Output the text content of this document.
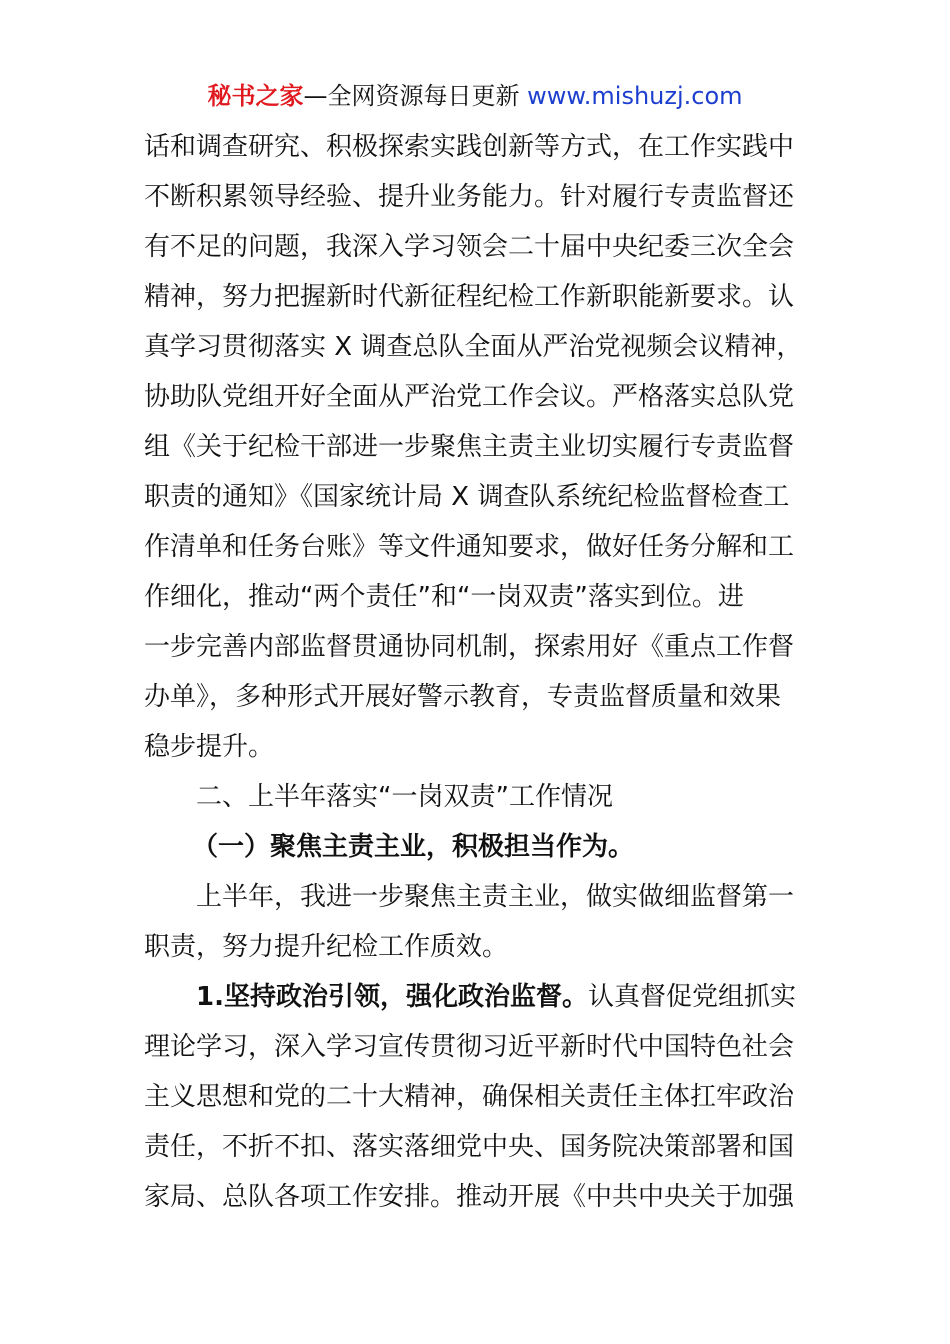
秘书之家—全网资源每日更新 www.mishuzj.com
话和调查研究、积极探索实践创新等方式，在工作实践中
不断积累领导经验、提升业务能力。针对履行专责监督还
有不足的问题，我深入学习领会二十届中央纪委三次全会
精神，努力把握新时代新征程纪检工作新职能新要求。认
真学习贯彻落实 X 调查总队全面从严治党视频会议精神，
协助队党组开好全面从严治党工作会议。严格落实总队党
组《关于纪检干部进一步聚焦主责主业切实履行专责监督
职责的通知》《国家统计局 X 调查队系统纪检监督检查工
作清单和任务台账》等文件通知要求，做好任务分解和工
作细化，推动“两个责任”和“一岗双责”落实到位。进
一步完善内部监督贯通协同机制，探索用好《重点工作督
办单》，多种形式开展好警示教育，专责监督质量和效果
稳步提升。
二、上半年落实“一岗双责”工作情况
（一）聚焦主责主业，积极担当作为。
上半年，我进一步聚焦主责主业，做实做细监督第一
职责，努力提升纪检工作质效。
1.坚持政治引领，强化政治监督。认真督促党组抓实
理论学习，深入学习宣传贯彻习近平新时代中国特色社会
主义思想和党的二十大精神，确保相关责任主体扛牢政治
责任，不折不扣、落实落细党中央、国务院决策部署和国
家局、总队各项工作安排。推动开展《中共中央关于加强
